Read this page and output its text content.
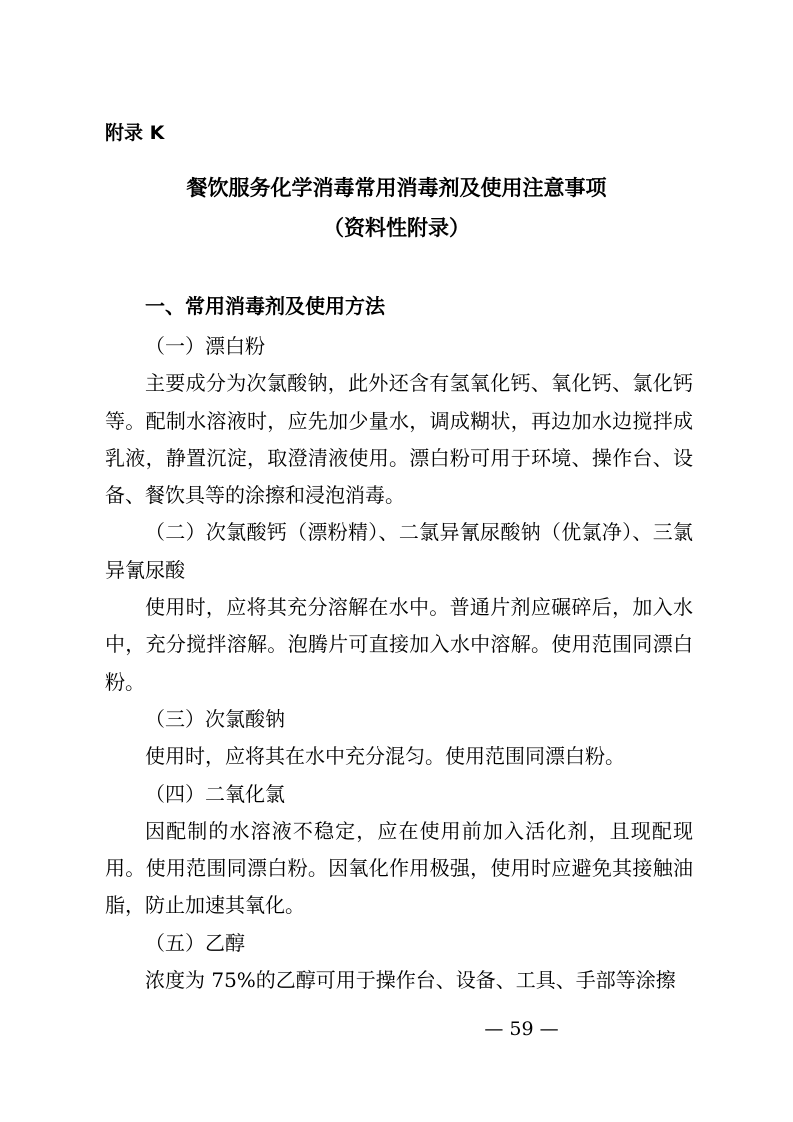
附录 K
餐饮服务化学消毒常用消毒剂及使用注意事项
（资料性附录）
一、常用消毒剂及使用方法

（一）漂白粉

主要成分为次氯酸钠，此外还含有氢氧化钙、氧化钙、氯化钙等。配制水溶液时，应先加少量水，调成糊状，再边加水边搅拌成乳液，静置沉淀，取澄清液使用。漂白粉可用于环境、操作台、设备、餐饮具等的涂擦和浸泡消毒。

（二）次氯酸钙（漂粉精）、二氯异氰尿酸钠（优氯净）、三氯异氰尿酸

使用时，应将其充分溶解在水中。普通片剂应碾碎后，加入水中，充分搅拌溶解。泡腾片可直接加入水中溶解。使用范围同漂白粉。

（三）次氯酸钠

使用时，应将其在水中充分混匀。使用范围同漂白粉。

（四）二氧化氯

因配制的水溶液不稳定，应在使用前加入活化剂，且现配现用。使用范围同漂白粉。因氧化作用极强，使用时应避免其接触油脂，防止加速其氧化。

（五）乙醇

浓度为 75%的乙醇可用于操作台、设备、工具、手部等涂擦

— 59 —
